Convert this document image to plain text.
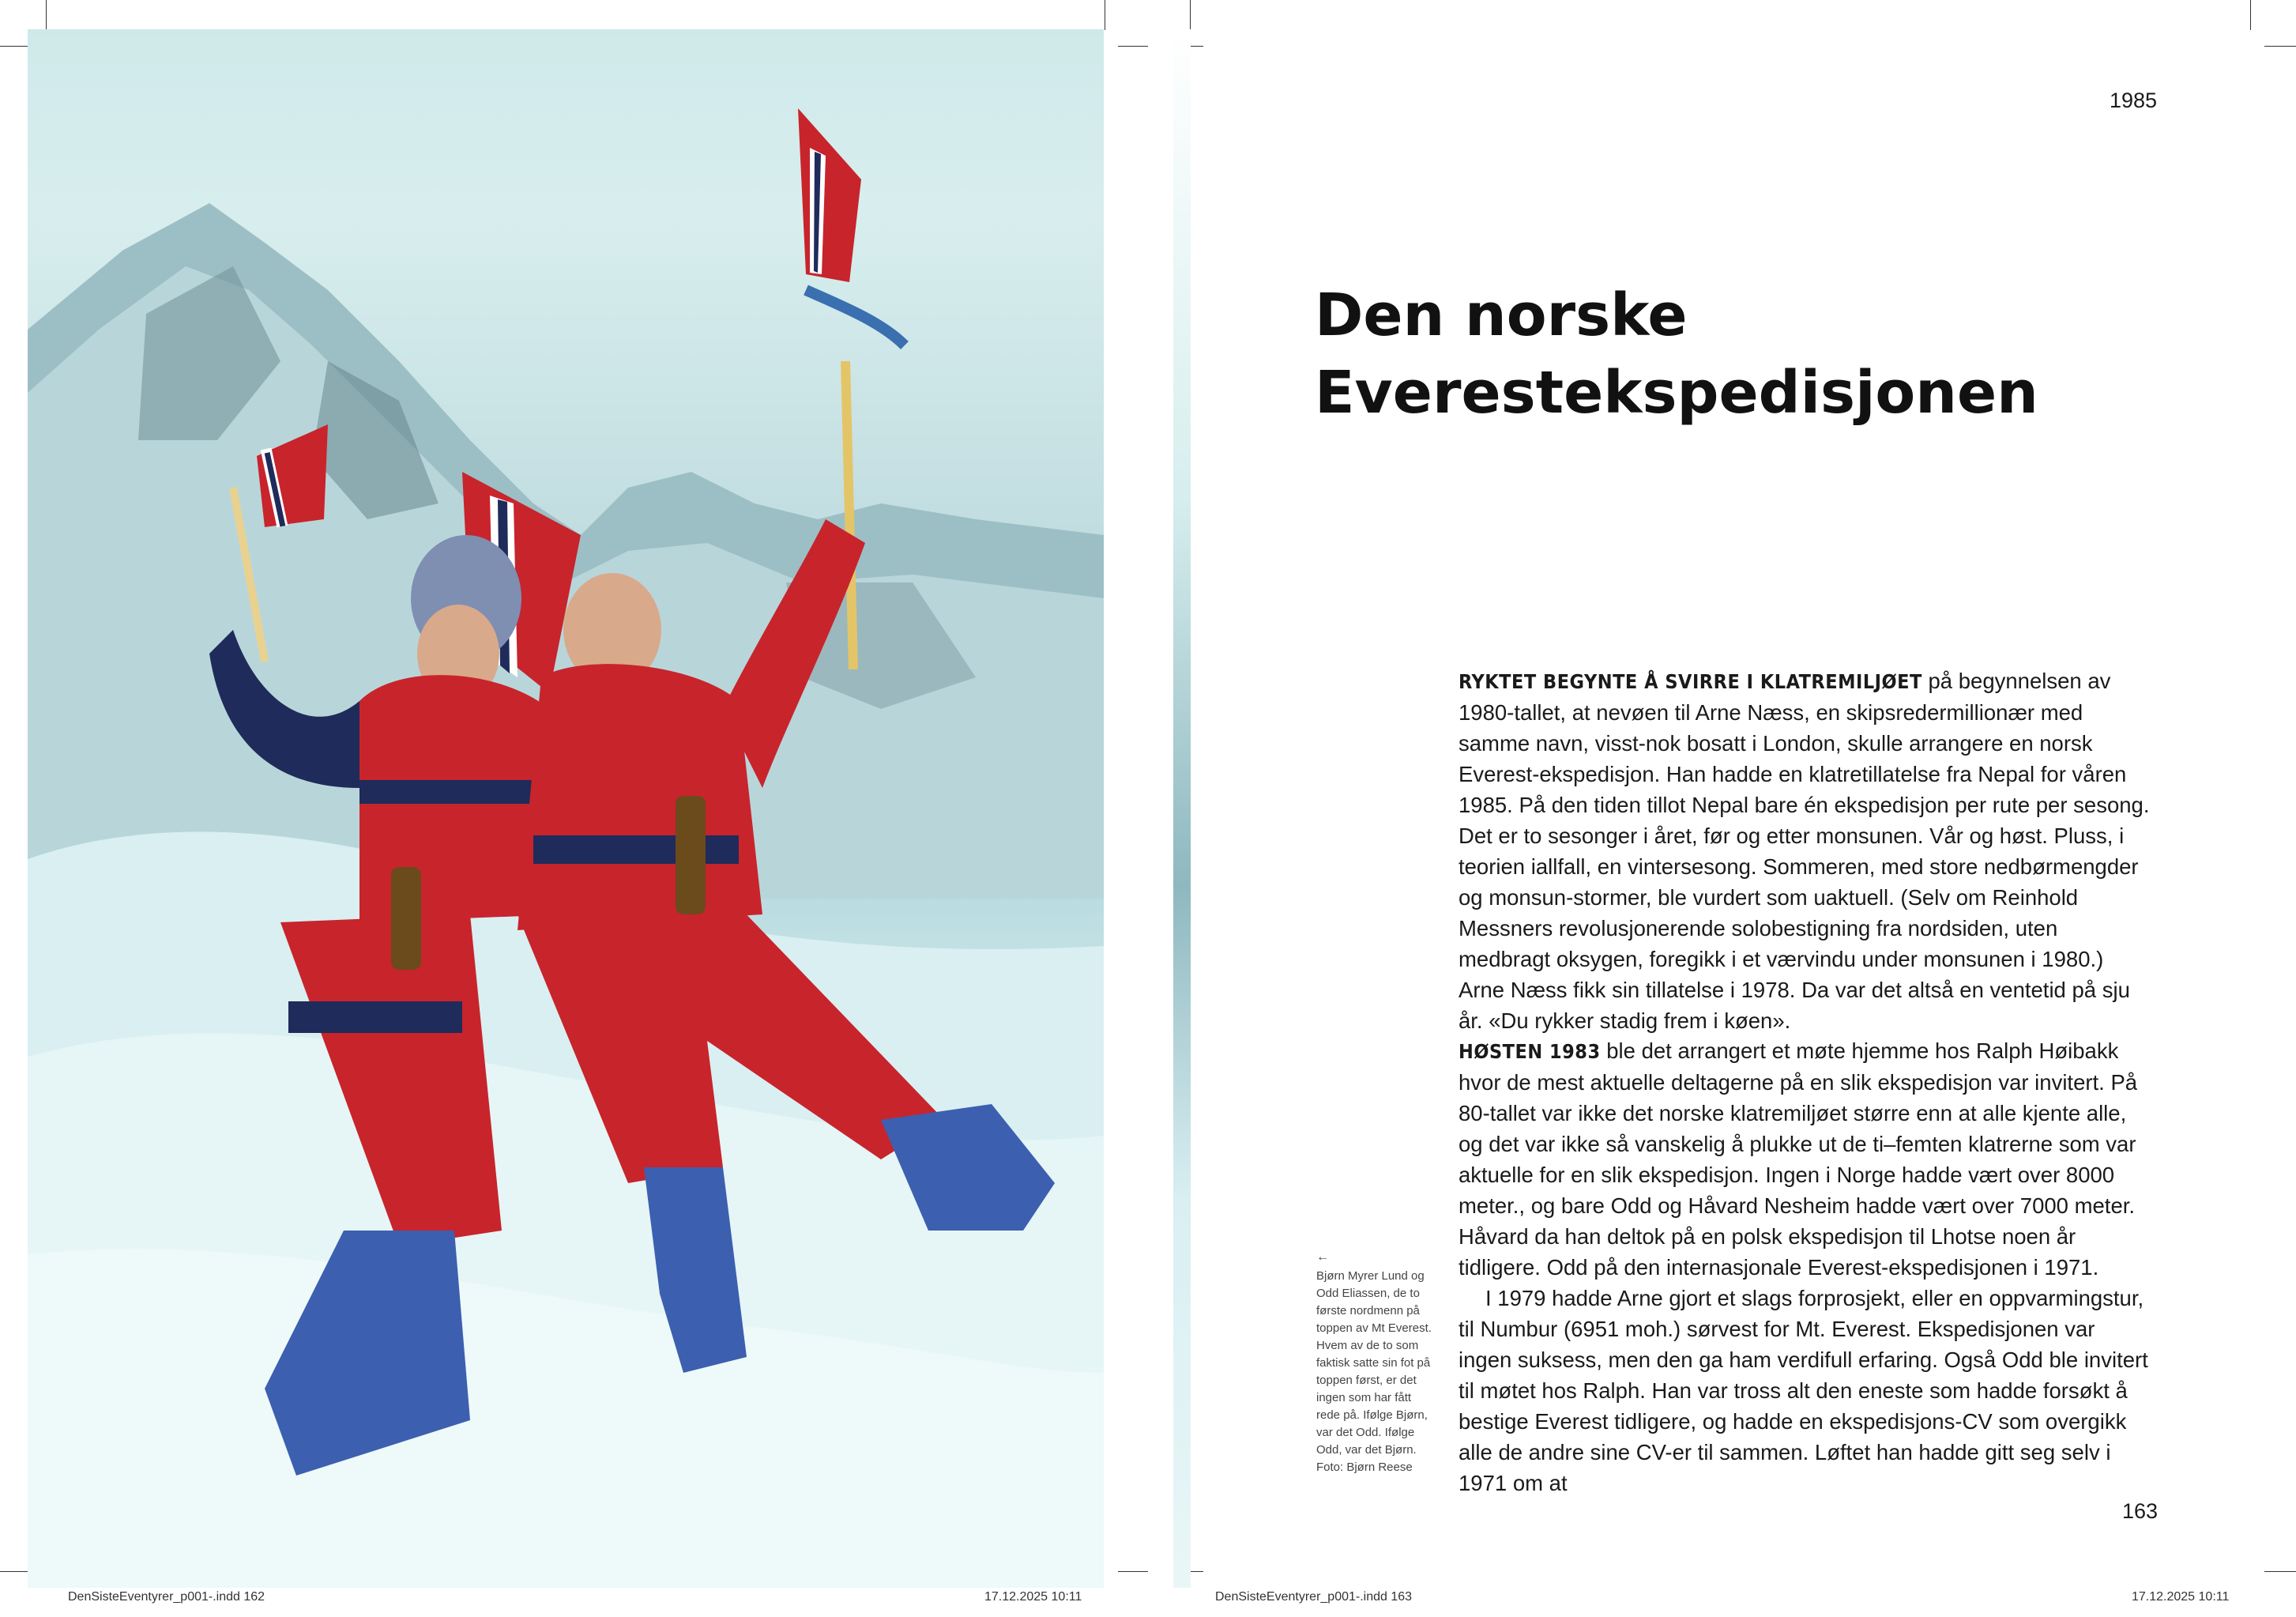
1985
Den norske
Everestekspedisjonen

RYKTET BEGYNTE Å SVIRRE I KLATREMILJØET på begynnelsen av 1980-tallet, at nevøen til Arne Næss, en skipsredermillionær med samme navn, visst-nok bosatt i London, skulle arrangere en norsk Everest-ekspedisjon. Han hadde en klatretillatelse fra Nepal for våren 1985. På den tiden tillot Nepal bare én ekspedisjon per rute per sesong. Det er to sesonger i året, før og etter monsunen. Vår og høst. Pluss, i teorien iallfall, en vintersesong. Sommeren, med store nedbørmengder og monsun-stormer, ble vurdert som uaktuell. (Selv om Reinhold Messners revolusjonerende solobestigning fra nordsiden, uten medbragt oksygen, foregikk i et værvindu under monsunen i 1980.) Arne Næss fikk sin tillatelse i 1978. Da var det altså en ventetid på sju år. «Du rykker stadig frem i køen».

HØSTEN 1983 ble det arrangert et møte hjemme hos Ralph Høibakk hvor de mest aktuelle deltagerne på en slik ekspedisjon var invitert. På 80-tallet var ikke det norske klatremiljøet større enn at alle kjente alle, og det var ikke så vanskelig å plukke ut de ti–femten klatrerne som var aktuelle for en slik ekspedisjon. Ingen i Norge hadde vært over 8000 meter., og bare Odd og Håvard Nesheim hadde vært over 7000 meter. Håvard da han deltok på en polsk ekspedisjon til Lhotse noen år tidligere. Odd på den internasjonale Everest-ekspedisjonen i 1971.
I 1979 hadde Arne gjort et slags forprosjekt, eller en oppvarmingstur, til Numbur (6951 moh.) sørvest for Mt. Everest. Ekspedisjonen var ingen suksess, men den ga ham verdifull erfaring. Også Odd ble invitert til møtet hos Ralph. Han var tross alt den eneste som hadde forsøkt å bestige Everest tidligere, og hadde en ekspedisjons-CV som overgikk alle de andre sine CV-er til sammen. Løftet han hadde gitt seg selv i 1971 om at

←
Bjørn Myrer Lund og Odd Eliassen, de to første nordmenn på toppen av Mt Everest. Hvem av de to som faktisk satte sin fot på toppen først, er det ingen som har fått rede på. Ifølge Bjørn, var det Odd. Ifølge Odd, var det Bjørn. Foto: Bjørn Reese
163
DenSisteEventyrer_p001-.indd 162	17.12.2025 10:11	DenSisteEventyrer_p001-.indd 163	17.12.2025 10:11
